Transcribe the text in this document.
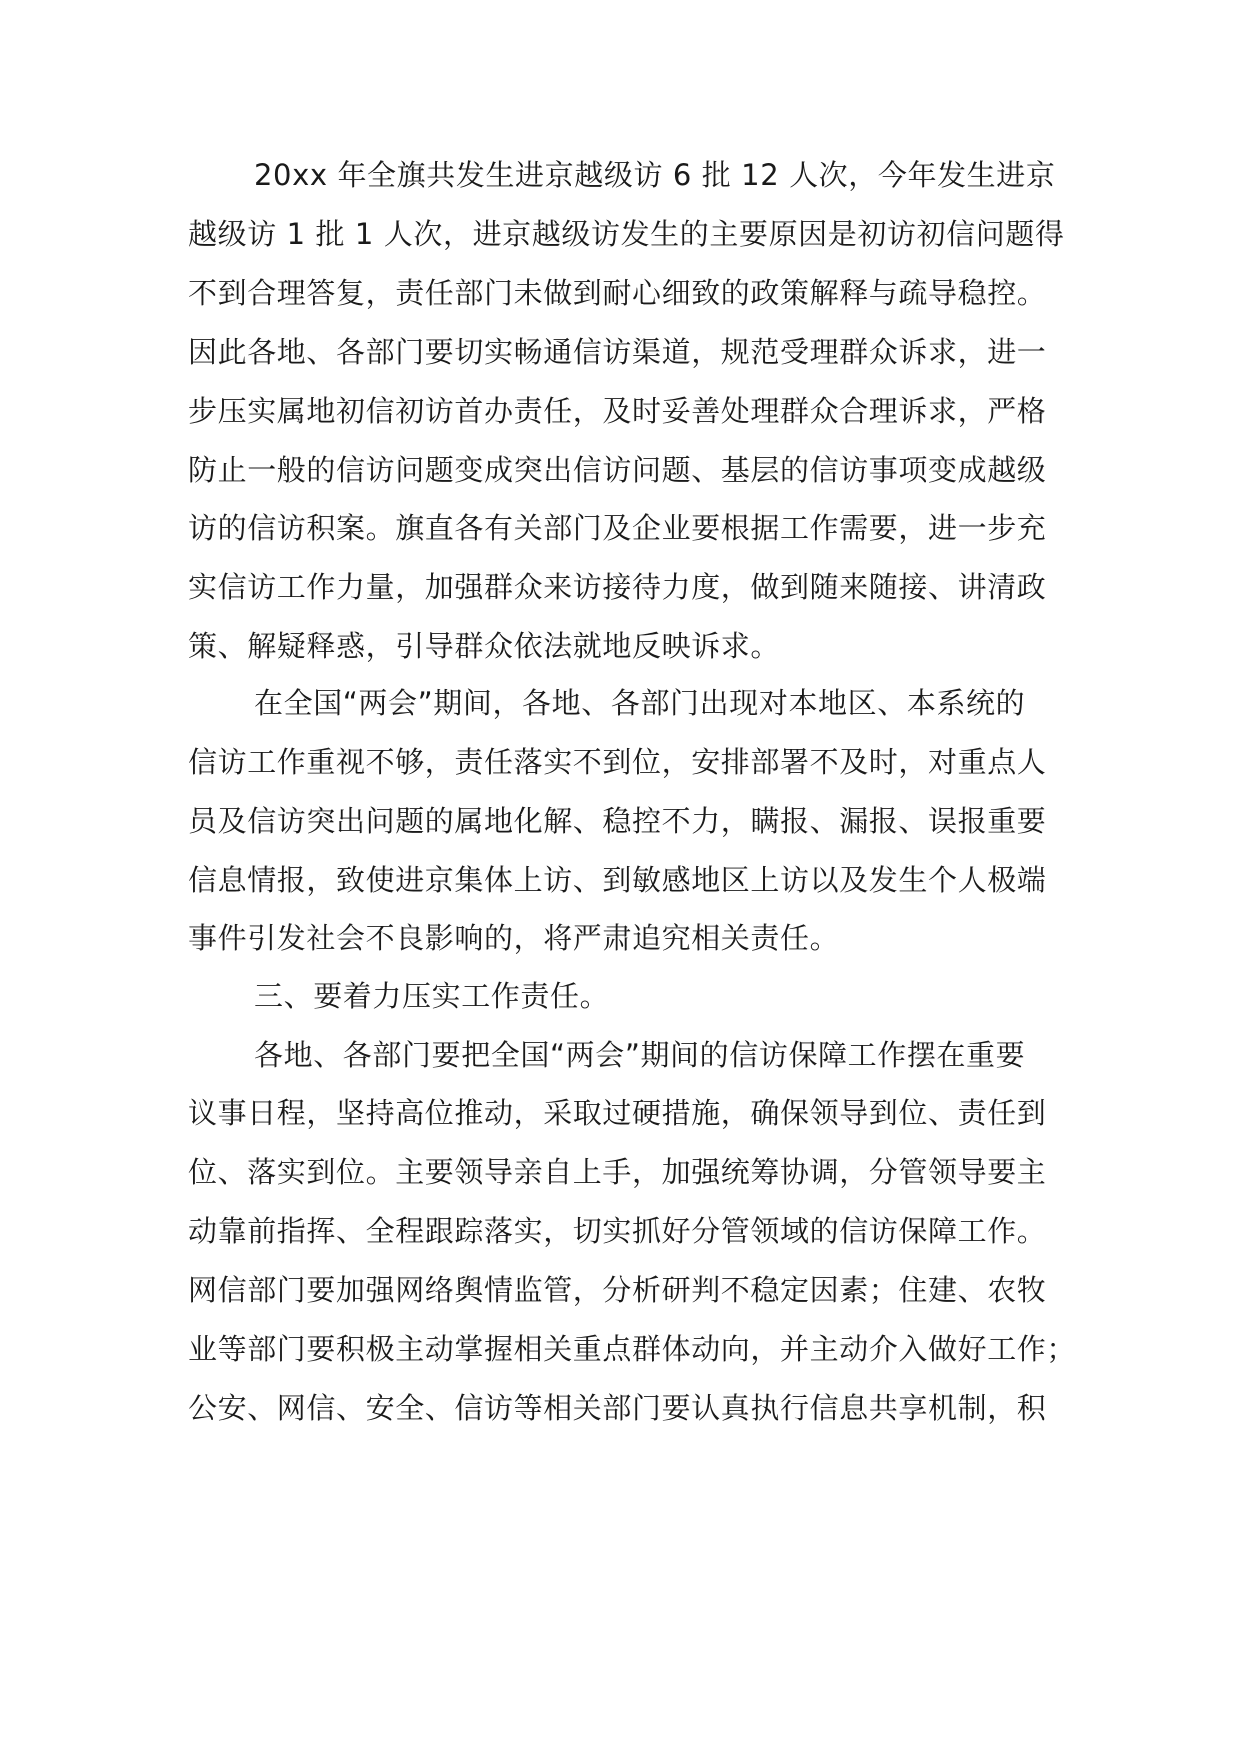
20xx 年全旗共发生进京越级访 6 批 12 人次，今年发生进京
越级访 1 批 1 人次，进京越级访发生的主要原因是初访初信问题得
不到合理答复，责任部门未做到耐心细致的政策解释与疏导稳控。
因此各地、各部门要切实畅通信访渠道，规范受理群众诉求，进一
步压实属地初信初访首办责任，及时妥善处理群众合理诉求，严格
防止一般的信访问题变成突出信访问题、基层的信访事项变成越级
访的信访积案。旗直各有关部门及企业要根据工作需要，进一步充
实信访工作力量，加强群众来访接待力度，做到随来随接、讲清政
策、解疑释惑，引导群众依法就地反映诉求。
在全国“两会”期间，各地、各部门出现对本地区、本系统的
信访工作重视不够，责任落实不到位，安排部署不及时，对重点人
员及信访突出问题的属地化解、稳控不力，瞒报、漏报、误报重要
信息情报，致使进京集体上访、到敏感地区上访以及发生个人极端
事件引发社会不良影响的，将严肃追究相关责任。
三、要着力压实工作责任。
各地、各部门要把全国“两会”期间的信访保障工作摆在重要
议事日程，坚持高位推动，采取过硬措施，确保领导到位、责任到
位、落实到位。主要领导亲自上手，加强统筹协调，分管领导要主
动靠前指挥、全程跟踪落实，切实抓好分管领域的信访保障工作。
网信部门要加强网络舆情监管，分析研判不稳定因素；住建、农牧
业等部门要积极主动掌握相关重点群体动向，并主动介入做好工作；
公安、网信、安全、信访等相关部门要认真执行信息共享机制，积
